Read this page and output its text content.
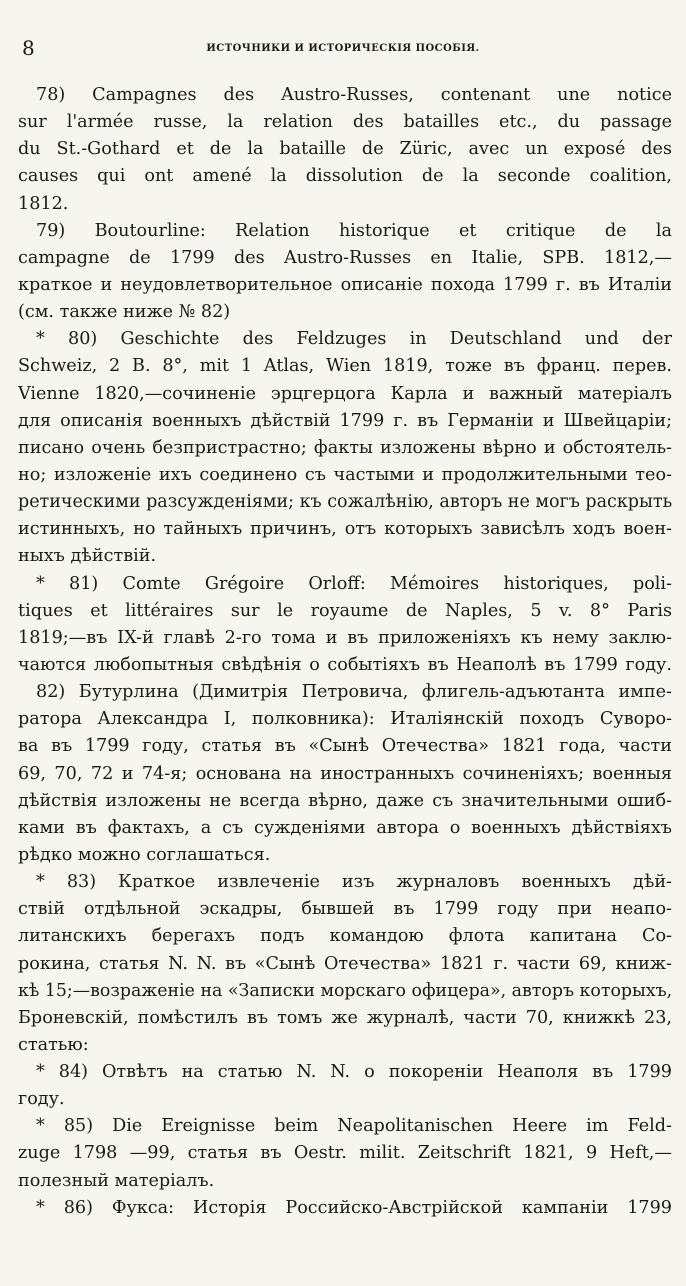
8	ИСТОЧНИКИ И ИСТОРИЧЕСКІЯ ПОСОБІЯ.
78) Campagnes des Austro-Russes, contenant une notice
sur l'armée russe, la relation des batailles etc., du passage
du St.-Gothard et de la bataille de Züric, avec un exposé des
causes qui ont amené la dissolution de la seconde coalition,
1812.
79) Boutourline: Relation historique et critique de la
campagne de 1799 des Austro-Russes en Italie, SPB. 1812,—
краткое и неудовлетворительное описаніе похода 1799 г. въ Италіи
(см. также ниже № 82)
* 80) Geschichte des Feldzuges in Deutschland und der
Schweiz, 2 B. 8°, mit 1 Atlas, Wien 1819, тоже въ франц. перев.
Vienne 1820,—сочиненіе эрцгерцога Карла и важный матеріалъ
для описанія военныхъ дѣйствій 1799 г. въ Германіи и Швейцаріи;
писано очень безпристрастно; факты изложены вѣрно и обстоятель-
но; изложеніе ихъ соединено съ частыми и продолжительными тео-
ретическими разсужденіями; къ сожалѣнію, авторъ не могъ раскрыть
истинныхъ, но тайныхъ причинъ, отъ которыхъ зависѣлъ ходъ воен-
ныхъ дѣйствій.
* 81) Comte Grégoire Orloff: Mémoires historiques, poli-
tiques et littéraires sur le royaume de Naples, 5 v. 8° Paris
1819;—въ IX-й главѣ 2-го тома и въ приложеніяхъ къ нему заклю-
чаются любопытныя свѣдѣнія о событіяхъ въ Неаполѣ въ 1799 году.
82) Бутурлина (Димитрія Петровича, флигель-адъютанта импе-
ратора Александра I, полковника): Италіянскій походъ Суворо-
ва въ 1799 году, статья въ «Сынѣ Отечества» 1821 года, части
69, 70, 72 и 74-я; основана на иностранныхъ сочиненіяхъ; военныя
дѣйствія изложены не всегда вѣрно, даже съ значительными ошиб-
ками въ фактахъ, а съ сужденіями автора о военныхъ дѣйствіяхъ
рѣдко можно соглашаться.
* 83) Краткое извлеченіе изъ журналовъ военныхъ дѣй-
ствій отдѣльной эскадры, бывшей въ 1799 году при неапо-
литанскихъ берегахъ подъ командою флота капитана Со-
рокина, статья N. N. въ «Сынѣ Отечества» 1821 г. части 69, книж-
кѣ 15;—возраженіе на «Записки морскаго офицера», авторъ которыхъ,
Броневскій, помѣстилъ въ томъ же журналѣ, части 70, книжкѣ 23,
статью:
* 84) Отвѣтъ на статью N. N. о покореніи Неаполя въ 1799
году.
* 85) Die Ereignisse beim Neapolitanischen Heere im Feld-
zuge 1798 —99, статья въ Oestr. milit. Zeitschrift 1821, 9 Heft,—
полезный матеріалъ.
* 86) Фукса: Исторія Российско-Австрійской кампаніи 1799
